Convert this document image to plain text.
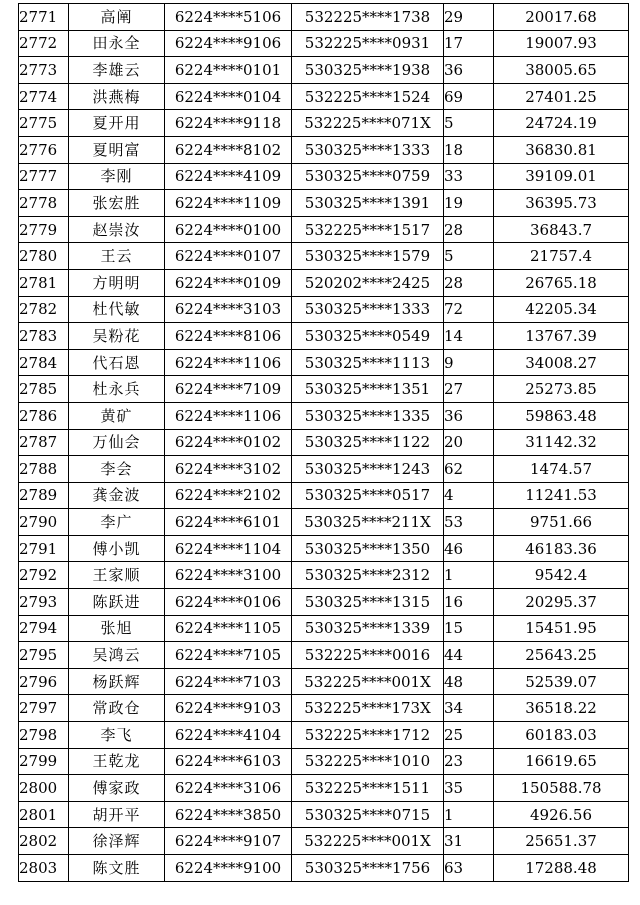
2771	高阐	6224****5106	532225****1738	29	20017.68
2772	田永全	6224****9106	532225****0931	17	19007.93
2773	李雄云	6224****0101	530325****1938	36	38005.65
2774	洪燕梅	6224****0104	532225****1524	69	27401.25
2775	夏开用	6224****9118	532225****071X	5	24724.19
2776	夏明富	6224****8102	530325****1333	18	36830.81
2777	李刚	6224****4109	530325****0759	33	39109.01
2778	张宏胜	6224****1109	530325****1391	19	36395.73
2779	赵崇汝	6224****0100	532225****1517	28	36843.7
2780	王云	6224****0107	530325****1579	5	21757.4
2781	方明明	6224****0109	520202****2425	28	26765.18
2782	杜代敏	6224****3103	530325****1333	72	42205.34
2783	吴粉花	6224****8106	530325****0549	14	13767.39
2784	代石恩	6224****1106	530325****1113	9	34008.27
2785	杜永兵	6224****7109	530325****1351	27	25273.85
2786	黄矿	6224****1106	530325****1335	36	59863.48
2787	万仙会	6224****0102	530325****1122	20	31142.32
2788	李会	6224****3102	530325****1243	62	1474.57
2789	龚金波	6224****2102	530325****0517	4	11241.53
2790	李广	6224****6101	530325****211X	53	9751.66
2791	傅小凯	6224****1104	530325****1350	46	46183.36
2792	王家顺	6224****3100	530325****2312	1	9542.4
2793	陈跃进	6224****0106	530325****1315	16	20295.37
2794	张旭	6224****1105	530325****1339	15	15451.95
2795	吴鸿云	6224****7105	532225****0016	44	25643.25
2796	杨跃辉	6224****7103	532225****001X	48	52539.07
2797	常政仓	6224****9103	532225****173X	34	36518.22
2798	李飞	6224****4104	532225****1712	25	60183.03
2799	王乾龙	6224****6103	532225****1010	23	16619.65
2800	傅家政	6224****3106	532225****1511	35	150588.78
2801	胡开平	6224****3850	530325****0715	1	4926.56
2802	徐泽辉	6224****9107	532225****001X	31	25651.37
2803	陈文胜	6224****9100	530325****1756	63	17288.48
